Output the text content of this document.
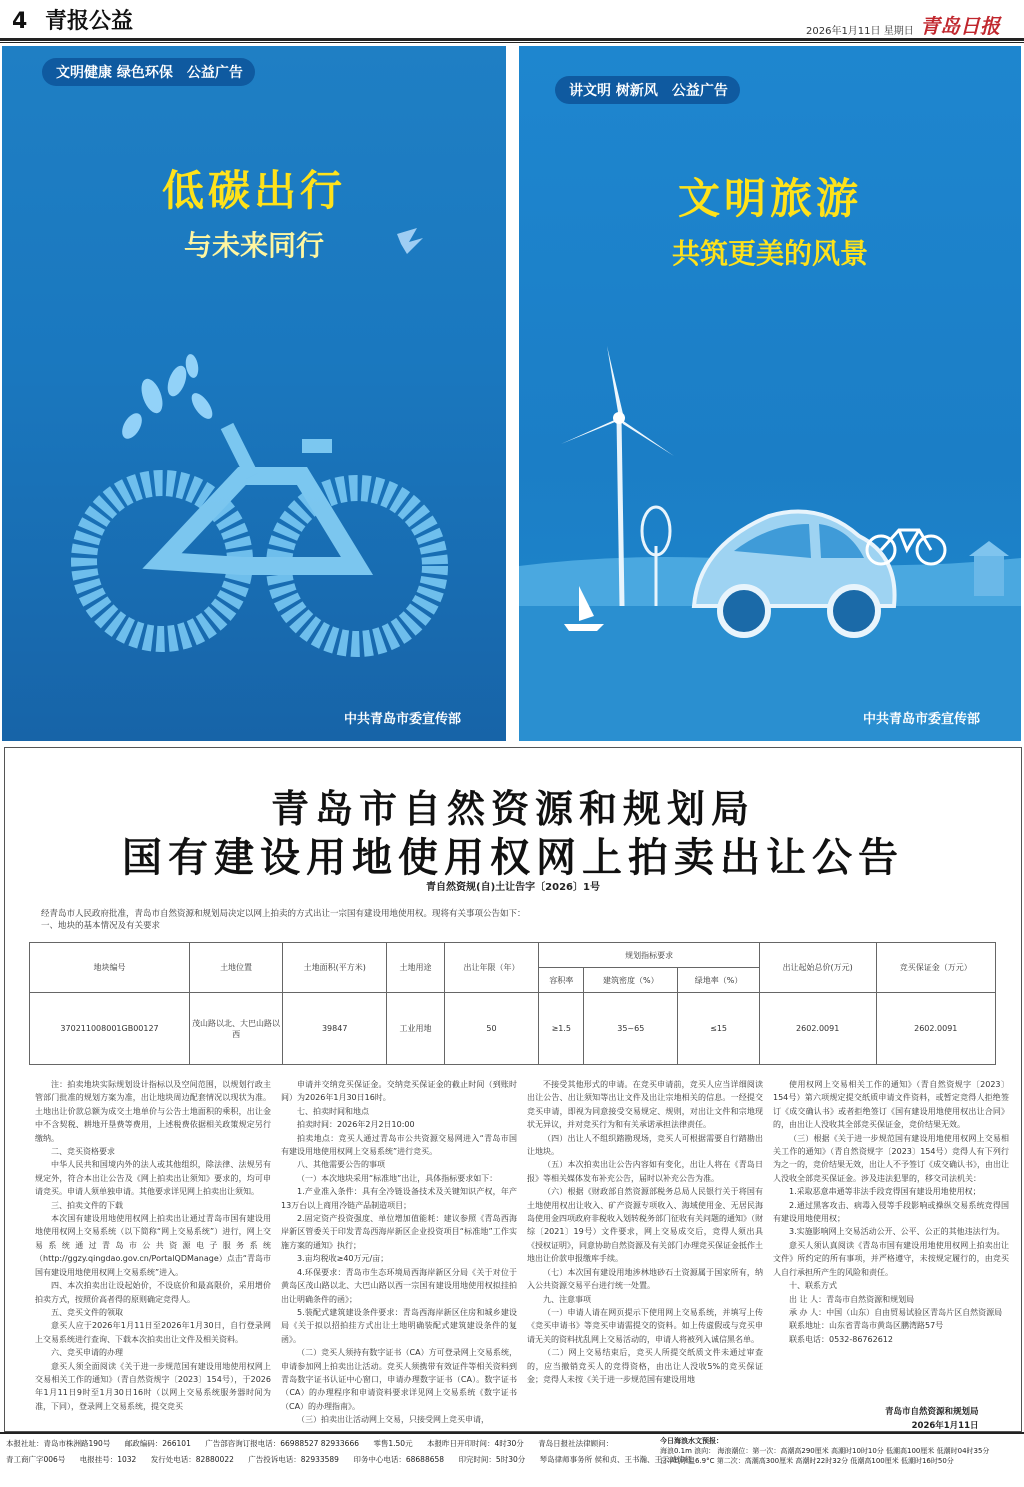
4 青报公益	2026年1月11日 星期日 青岛日报
文明健康 绿色环保 公益广告
低碳出行
与未来同行
中共青岛市委宣传部
讲文明 树新风 公益广告
文明旅游
共筑更美的风景
中共青岛市委宣传部
青岛市自然资源和规划局
国有建设用地使用权网上拍卖出让公告
青自然资规(自)土让告字〔2026〕1号
经青岛市人民政府批准，青岛市自然资源和规划局决定以网上拍卖的方式出让一宗国有建设用地使用权。现将有关事项公告如下：
一、地块的基本情况及有关要求
地块编号	土地位置	土地面积(平方米)	土地用途	出让年限（年）	规划指标要求			出让起始总价(万元)	竞买保证金（万元）
					容积率	建筑密度（%）	绿地率（%）		
370211008001GB00127	茂山路以北、大巴山路以西	39847	工业用地	50	≥1.5	35~65	≤15	2602.0091	2602.0091

注：拍卖地块实际规划设计指标以及空间范围，以规划行政主管部门批准的规划方案为准，出让地块周边配套情况以现状为准。土地出让价款总额为成交土地单价与公告土地面积的乘积，出让金中不含契税、耕地开垦费等费用，上述税费依据相关政策规定另行缴纳。

二、竞买资格要求

中华人民共和国境内外的法人或其他组织，除法律、法规另有规定外，符合本出让公告及《网上拍卖出让须知》要求的，均可申请竞买。申请人须单独申请。其他要求详见网上拍卖出让须知。

三、拍卖文件的下载

本次国有建设用地使用权网上拍卖出让通过青岛市国有建设用地使用权网上交易系统（以下简称“网上交易系统”）进行，网上交易系统通过青岛市公共资源电子服务系统（http://ggzy.qingdao.gov.cn/PortalQDManage）点击“青岛市国有建设用地使用权网上交易系统”进入。

四、本次拍卖出让设起始价，不设底价和最高限价，采用增价拍卖方式，按照价高者得的原则确定竞得人。

五、竞买文件的领取

意买人应于2026年1月11日至2026年1月30日，自行登录网上交易系统进行查询、下载本次拍卖出让文件及相关资料。

六、竞买申请的办理

意买人须全面阅读《关于进一步规范国有建设用地使用权网上交易相关工作的通知》（青自然资规字〔2023〕154号），于2026年1月11日9时至1月30日16时（以网上交易系统服务器时间为准，下同），登录网上交易系统，提交竞买

申请并交纳竞买保证金。交纳竞买保证金的截止时间（到账时间）为2026年1月30日16时。

七、拍卖时间和地点

拍卖时间：2026年2月2日10:00

拍卖地点：竞买人通过青岛市公共资源交易网进入“青岛市国有建设用地使用权网上交易系统”进行竞买。

八、其他需要公告的事项

（一）本次地块采用“标准地”出让，具体指标要求如下：

1.产业准入条件：具有全冷链设备技术及关键知识产权，年产13万台以上商用冷链产品制造项目；

2.固定资产投资强度、单位增加值能耗：建议参照《青岛西海岸新区管委关于印发青岛西海岸新区企业投资项目“标准地”工作实施方案的通知》执行；

3.亩均税收≥40万元/亩；

4.环保要求：青岛市生态环境局西海岸新区分局《关于对位于黄岛区茂山路以北、大巴山路以西一宗国有建设用地使用权拟挂拍出让明确条件的函》；

5.装配式建筑建设条件要求：青岛西海岸新区住房和城乡建设局《关于拟以招拍挂方式出让土地明确装配式建筑建设条件的复函》。

（二）竞买人须持有数字证书（CA）方可登录网上交易系统，申请参加网上拍卖出让活动。竞买人须携带有效证件等相关资料到青岛数字证书认证中心窗口，申请办理数字证书（CA）。数字证书（CA）的办理程序和申请资料要求详见网上交易系统《数字证书（CA）的办理指南》。

（三）拍卖出让活动网上交易，只接受网上竞买申请，

不接受其他形式的申请。在竞买申请前，竞买人应当详细阅读出让公告、出让须知等出让文件及出让宗地相关的信息。一经提交竞买申请，即视为同意接受交易规定、规则，对出让文件和宗地现状无异议，并对竞买行为和有关承诺承担法律责任。

（四）出让人不组织踏勘现场，竞买人可根据需要自行踏勘出让地块。

（五）本次拍卖出让公告内容如有变化，出让人将在《青岛日报》等相关媒体发布补充公告，届时以补充公告为准。

（六）根据《财政部自然资源部税务总局人民银行关于将国有土地使用权出让收入、矿产资源专项收入、海域使用金、无居民海岛使用金四项政府非税收入划转税务部门征收有关问题的通知》（财综〔2021〕19号）文件要求，网上交易成交后，竞得人须出具《授权证明》，同意协助自然资源及有关部门办理竞买保证金抵作土地出让价款申报缴库手续。

（七）本次国有建设用地涉林地砂石土资源属于国家所有，纳入公共资源交易平台进行统一处置。

九、注意事项

（一）申请人请在网页提示下使用网上交易系统，并填写上传《竞买申请书》等竞买申请需提交的资料。如上传虚假或与竞买申请无关的资料扰乱网上交易活动的，申请人将被列入诚信黑名单。

（二）网上交易结束后，竞买人所提交纸质文件未通过审查的，应当撤销竞买人的竞得资格，由出让人没收5%的竞买保证金；竞得人未按《关于进一步规范国有建设用地

使用权网上交易相关工作的通知》（青自然资规字〔2023〕154号）第六项规定提交纸质申请文件资料，或暂定竞得人拒绝签订《成交确认书》或者拒绝签订《国有建设用地使用权出让合同》的，由出让人没收其全部竞买保证金，竞价结果无效。

（三）根据《关于进一步规范国有建设用地使用权网上交易相关工作的通知》（青自然资规字〔2023〕154号）竞得人有下列行为之一的，竞价结果无效，出让人不予签订《成交确认书》，由出让人没收全部竞买保证金。涉及违法犯罪的，移交司法机关：

1.采取恶意串通等非法手段竞得国有建设用地使用权；

2.通过黑客攻击、病毒入侵等手段影响或操纵交易系统竞得国有建设用地使用权；

3.实施影响网上交易活动公开、公平、公正的其他违法行为。

意买人须认真阅读《青岛市国有建设用地使用权网上拍卖出让文件》所约定的所有事项，并严格遵守，未按规定履行的，由竞买人自行承担所产生的风险和责任。

十、联系方式

出 让 人：青岛市自然资源和规划局

承 办 人：中国（山东）自由贸易试验区青岛片区自然资源局

联系地址：山东省青岛市黄岛区鹏湾路57号

联系电话：0532-86762612

青岛市自然资源和规划局
2026年1月11日
本报社址：青岛市株洲路190号 邮政编码：266101 广告部咨询订报电话：66988527 82933666 零售1.50元 本报昨日开印时间：4时30分 青岛日报社法律顾问：
青工商广字006号 电报挂号：1032 发行处电话：82880022 广告投诉电话：82933589 印务中心电话：68688658 印完时间：5时30分 琴岛律师事务所 侯和贞、王书瀚、王云诚律师
今日海浪水文预报：
海浪0.1m 浪向： 海浪潮位：第一次：高潮高290厘米 高潮时10时10分 低潮高100厘米 低潮时04时35分
日平均水温6.9°C 第二次：高潮高300厘米 高潮时22时32分 低潮高100厘米 低潮时16时50分
